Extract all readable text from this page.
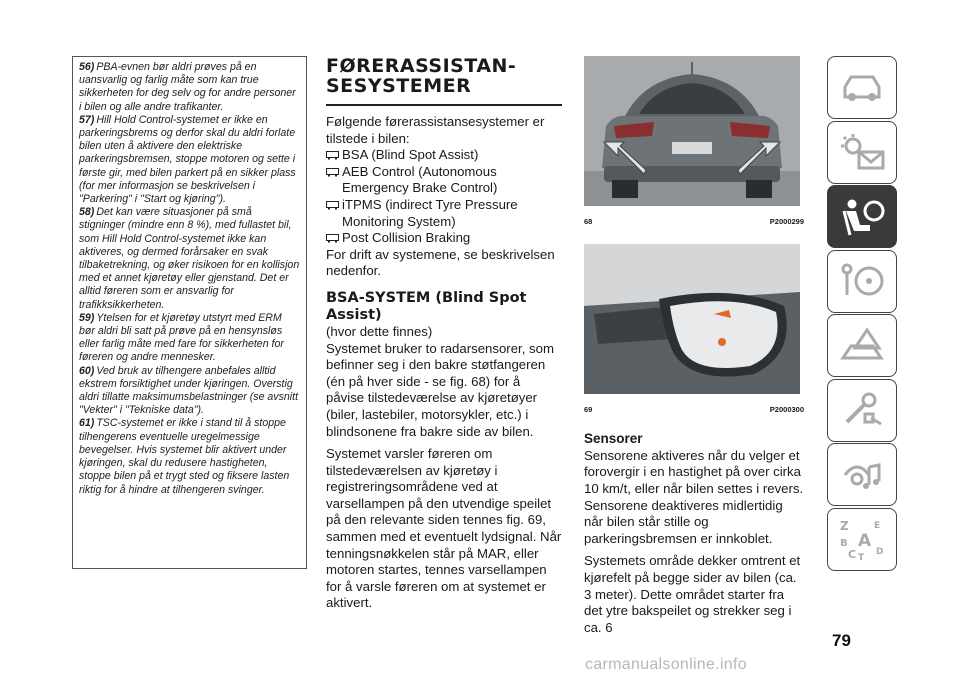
56) PBA-evnen bør aldri prøves på en uansvarlig og farlig måte som kan true sikkerheten for deg selv og for andre personer i bilen og alle andre trafikanter.

57) Hill Hold Control-systemet er ikke en parkeringsbrems og derfor skal du aldri forlate bilen uten å aktivere den elektriske parkeringsbremsen, stoppe motoren og sette i første gir, med bilen parkert på en sikker plass (for mer informasjon se beskrivelsen i "Parkering" i "Start og kjøring").

58) Det kan være situasjoner på små stigninger (mindre enn 8 %), med fullastet bil, som Hill Hold Control-systemet ikke kan aktiveres, og dermed forårsaker en svak tilbaketrekning, og øker risikoen for en kollisjon med et annet kjøretøy eller gjenstand. Det er alltid føreren som er ansvarlig for trafikksikkerheten.

59) Ytelsen for et kjøretøy utstyrt med ERM bør aldri bli satt på prøve på en hensynsløs eller farlig måte med fare for sikkerheten for føreren og andre mennesker.

60) Ved bruk av tilhengere anbefales alltid ekstrem forsiktighet under kjøringen. Overstig aldri tillatte maksimumsbelastninger (se avsnitt "Vekter" i "Tekniske data").

61) TSC-systemet er ikke i stand til å stoppe tilhengerens eventuelle uregelmessige bevegelser. Hvis systemet blir aktivert under kjøringen, skal du redusere hastigheten, stoppe bilen på et trygt sted og fiksere lasten riktig for å hindre at tilhengeren svinger.

FØRERASSISTAN-SESYSTEMER

Følgende førerassistansesystemer er tilstede i bilen:

BSA (Blind Spot Assist)
AEB Control (Autonomous Emergency Brake Control)
iTPMS (indirect Tyre Pressure Monitoring System)
Post Collision Braking

For drift av systemene, se beskrivelsen nedenfor.

BSA-SYSTEM (Blind Spot Assist)

(hvor dette finnes)

Systemet bruker to radarsensorer, som befinner seg i den bakre støtfangeren (én på hver side - se fig. 68) for å påvise tilstedeværelse av kjøretøyer (biler, lastebiler, motorsykler, etc.) i blindsonene fra bakre side av bilen.

Systemet varsler føreren om tilstedeværelsen av kjøretøy i registreringsområdene ved at varsellampen på den utvendige speilet på den relevante siden tennes fig. 69, sammen med et eventuelt lydsignal. Når tenningsnøkkelen står på MAR, eller motoren startes, tennes varsellampen for å varsle føreren om at systemet er aktivert.

68	P2000299
69	P2000300
Sensorer

Sensorene aktiveres når du velger et forovergir i en hastighet på over cirka 10 km/t, eller når bilen settes i revers. Sensorene deaktiveres midlertidig når bilen står stille og parkeringsbremsen er innkoblet.

Systemets område dekker omtrent et kjørefelt på begge sider av bilen (ca. 3 meter). Dette området starter fra det ytre bakspeilet og strekker seg i ca. 6

Z	E
B A
C D
T
79
carmanualsonline.info
